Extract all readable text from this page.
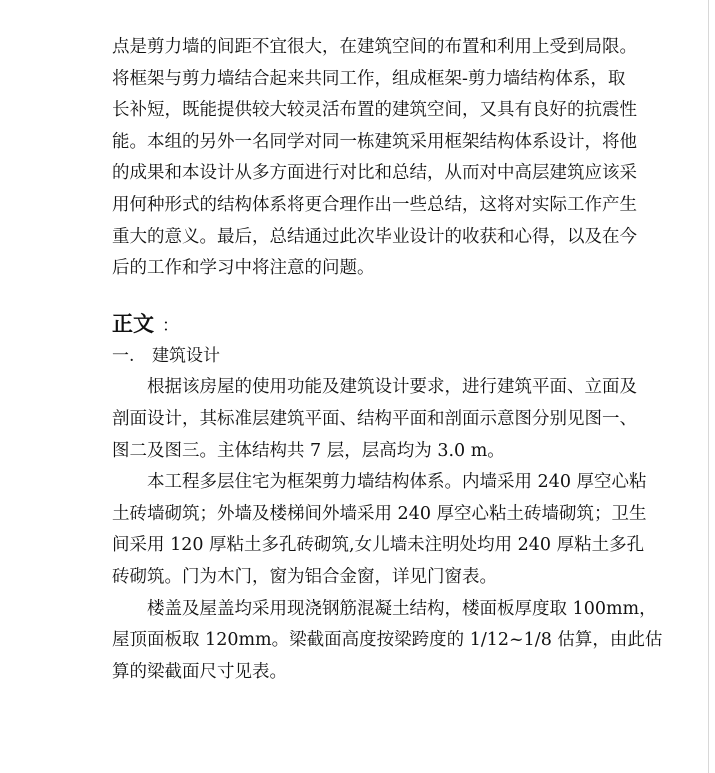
点是剪力墙的间距不宜很大，在建筑空间的布置和利用上受到局限。
将框架与剪力墙结合起来共同工作，组成框架-剪力墙结构体系，取
长补短，既能提供较大较灵活布置的建筑空间，又具有良好的抗震性
能。本组的另外一名同学对同一栋建筑采用框架结构体系设计，将他
的成果和本设计从多方面进行对比和总结，从而对中高层建筑应该采
用何种形式的结构体系将更合理作出一些总结，这将对实际工作产生
重大的意义。最后，总结通过此次毕业设计的收获和心得，以及在今
后的工作和学习中将注意的问题。
正文 ：
一. 建筑设计
根据该房屋的使用功能及建筑设计要求，进行建筑平面、立面及
剖面设计，其标准层建筑平面、结构平面和剖面示意图分别见图一、
图二及图三。主体结构共 7 层，层高均为 3.0 m。
本工程多层住宅为框架剪力墙结构体系。内墙采用 240 厚空心粘
土砖墙砌筑；外墙及楼梯间外墙采用 240 厚空心粘土砖墙砌筑；卫生
间采用 120 厚粘土多孔砖砌筑,女儿墙未注明处均用 240 厚粘土多孔
砖砌筑。门为木门，窗为铝合金窗，详见门窗表。
楼盖及屋盖均采用现浇钢筋混凝土结构，楼面板厚度取 100mm，
屋顶面板取 120mm。梁截面高度按梁跨度的 1/12~1/8 估算，由此估
算的梁截面尺寸见表。
